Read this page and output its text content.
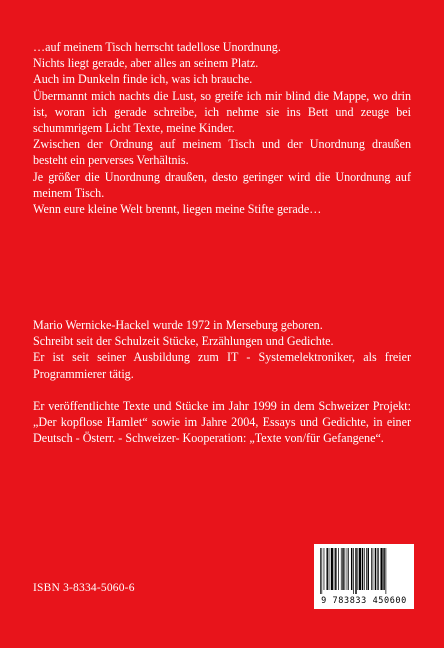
…auf meinem Tisch herrscht tadellose Unordnung.

Nichts liegt gerade, aber alles an seinem Platz.

Auch im Dunkeln finde ich, was ich brauche.

Übermannt mich nachts die Lust, so greife ich mir blind die Mappe, wo drin ist, woran ich gerade schreibe, ich nehme sie ins Bett und zeuge bei schummrigem Licht Texte, meine Kinder.

Zwischen der Ordnung auf meinem Tisch und der Unordnung draußen besteht ein perverses Verhältnis.

Je größer die Unordnung draußen, desto geringer wird die Unordnung auf meinem Tisch.

Wenn eure kleine Welt brennt, liegen meine Stifte gerade…

Mario Wernicke-Hackel wurde 1972 in Merseburg geboren.

Schreibt seit der Schulzeit Stücke, Erzählungen und Gedichte.

Er ist seit seiner Ausbildung zum IT - Systemelektroniker, als freier Programmierer tätig.

Er veröffentlichte Texte und Stücke im Jahr 1999 in dem Schweizer Projekt: „Der kopflose Hamlet“ sowie im Jahre 2004, Essays und Gedichte, in einer Deutsch - Österr. - Schweizer- Kooperation: „Texte von/für Gefangene“.

ISBN 3-8334-5060-6
9 783833 450600
